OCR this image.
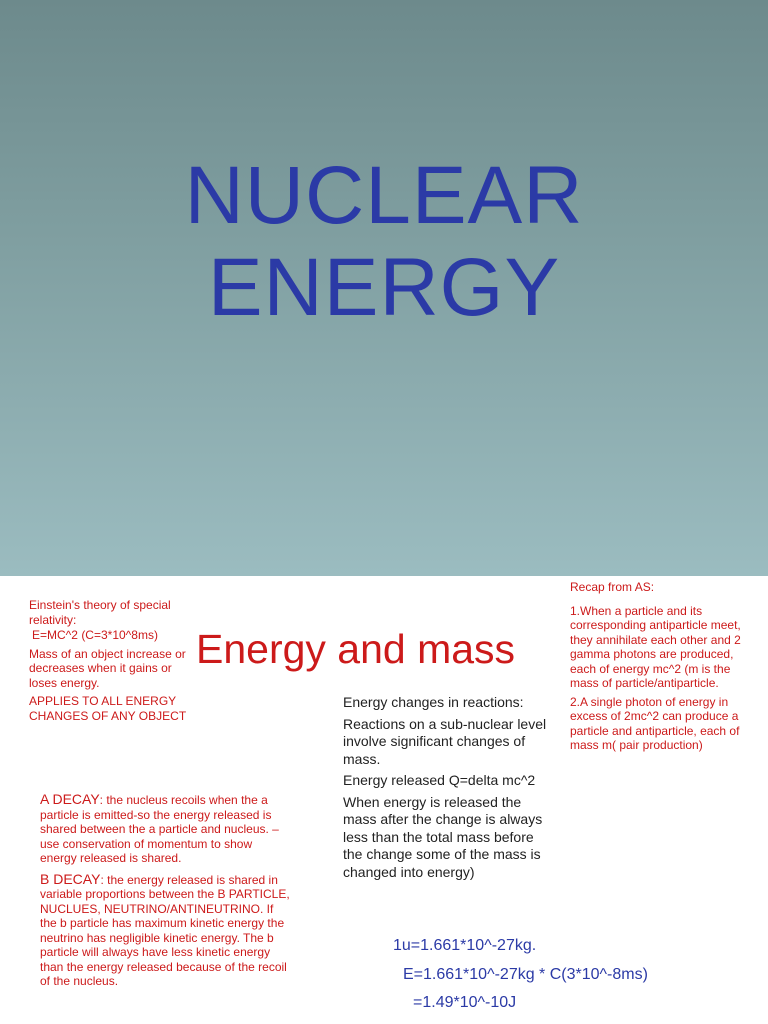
NUCLEAR
ENERGY
Energy and mass

Einstein's theory of special relativity:

E=MC^2 (C=3*10^8ms)

Mass of an object increase or decreases when it gains or loses energy.

APPLIES TO ALL ENERGY CHANGES OF ANY OBJECT

Recap from AS:

1.When a particle and its corresponding antiparticle meet, they annihilate each other and 2 gamma photons are produced, each of energy mc^2 (m is the mass of particle/antiparticle.

2.A single photon of energy in excess of 2mc^2 can produce a particle and antiparticle, each of mass m( pair production)

Energy changes in reactions:

Reactions on a sub-nuclear level involve significant changes of mass.

Energy released Q=delta mc^2

When energy is released the mass after the change is always less than the total mass before the change some of the mass is changed into energy)

A DECAY: the nucleus recoils when the a particle is emitted-so the energy released is shared between the a particle and nucleus. – use conservation of momentum to show energy released is shared.

B DECAY: the energy released is shared in variable proportions between the B PARTICLE, NUCLUES, NEUTRINO/ANTINEUTRINO. If the b particle has maximum kinetic energy the neutrino has negligible kinetic energy. The b particle will always have less kinetic energy than the energy released because of the recoil of the nucleus.

1u=1.661*10^-27kg.
E=1.661*10^-27kg * C(3*10^-8ms)
=1.49*10^-10J
